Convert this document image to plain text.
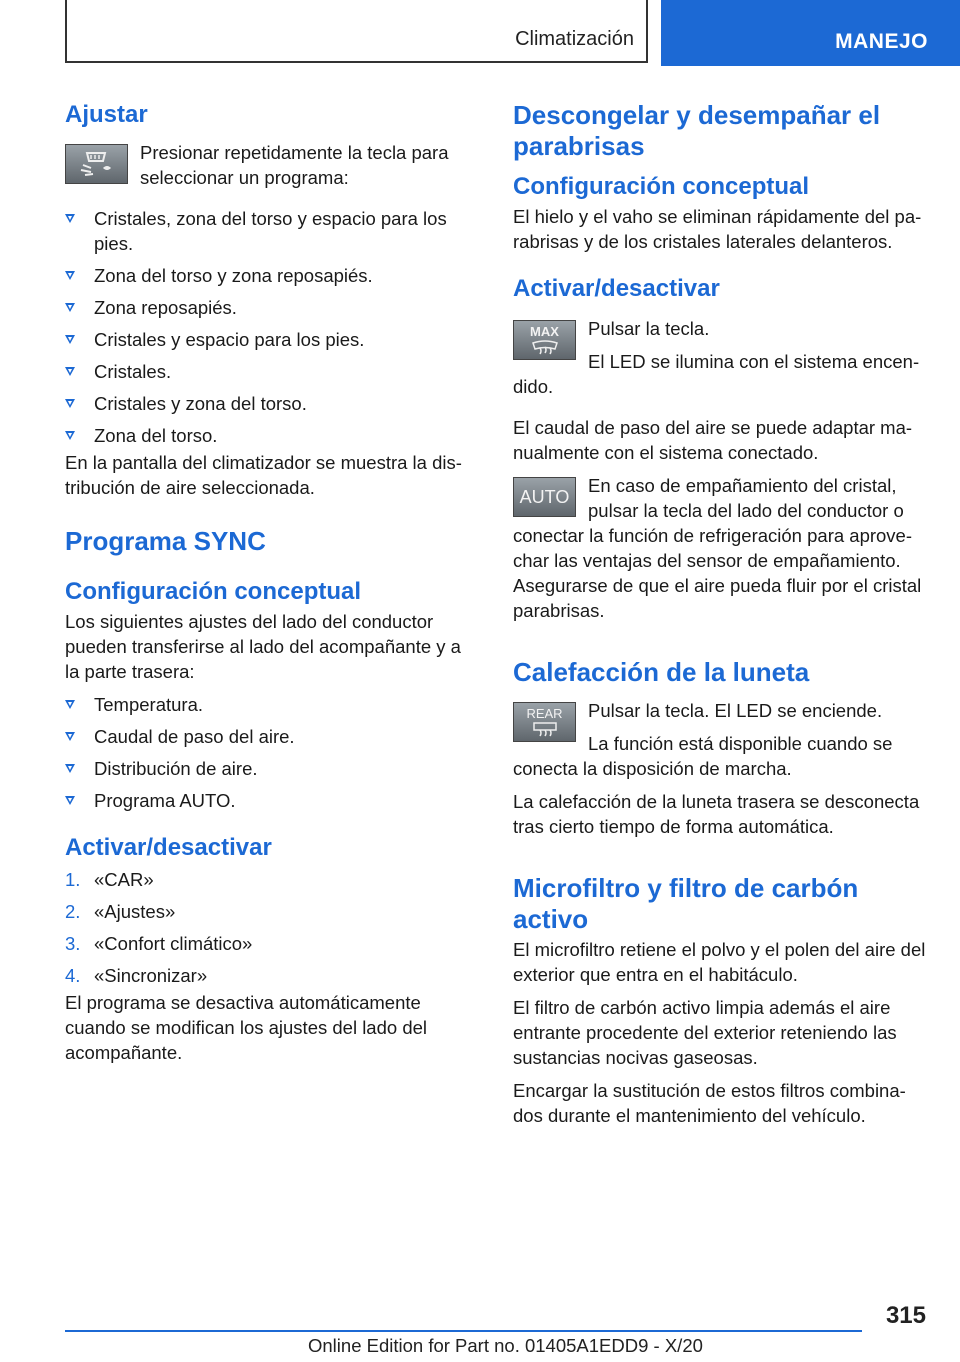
Climatización	MANEJO
Ajustar

Presionar repetidamente la tecla para seleccionar un programa:

Cristales, zona del torso y espacio para los pies.
Zona del torso y zona reposapiés.
Zona reposapiés.
Cristales y espacio para los pies.
Cristales.
Cristales y zona del torso.
Zona del torso.

En la pantalla del climatizador se muestra la distribución de aire seleccionada.

Programa SYNC
Configuración conceptual

Los siguientes ajustes del lado del conductor pueden transferirse al lado del acompañante y a la parte trasera:

Temperatura.
Caudal de paso del aire.
Distribución de aire.
Programa AUTO.
Activar/desactivar
1. «CAR»
2. «Ajustes»
3. «Confort climático»
4. «Sincronizar»

El programa se desactiva automáticamente cuando se modifican los ajustes del lado del acompañante.

Descongelar y desempañar el parabrisas
Configuración conceptual

El hielo y el vaho se eliminan rápidamente del parabrisas y de los cristales laterales delanteros.

Activar/desactivar
MAX	Pulsar la tecla.

El LED se ilumina con el sistema encendido.

El caudal de paso del aire se puede adaptar manualmente con el sistema conectado.

AUTO

En caso de empañamiento del cristal, pulsar la tecla del lado del conductor o conectar la función de refrigeración para aprovechar las ventajas del sensor de empañamiento. Asegurarse de que el aire pueda fluir por el cristal parabrisas.

Calefacción de la luneta
REAR	Pulsar la tecla. El LED se enciende.

La función está disponible cuando se conecta la disposición de marcha.

La calefacción de la luneta trasera se desconecta tras cierto tiempo de forma automática.

Microfiltro y filtro de carbón activo

El microfiltro retiene el polvo y el polen del aire del exterior que entra en el habitáculo.

El filtro de carbón activo limpia además el aire entrante procedente del exterior reteniendo las sustancias nocivas gaseosas.

Encargar la sustitución de estos filtros combinados durante el mantenimiento del vehículo.

315
Online Edition for Part no. 01405A1EDD9 - X/20
